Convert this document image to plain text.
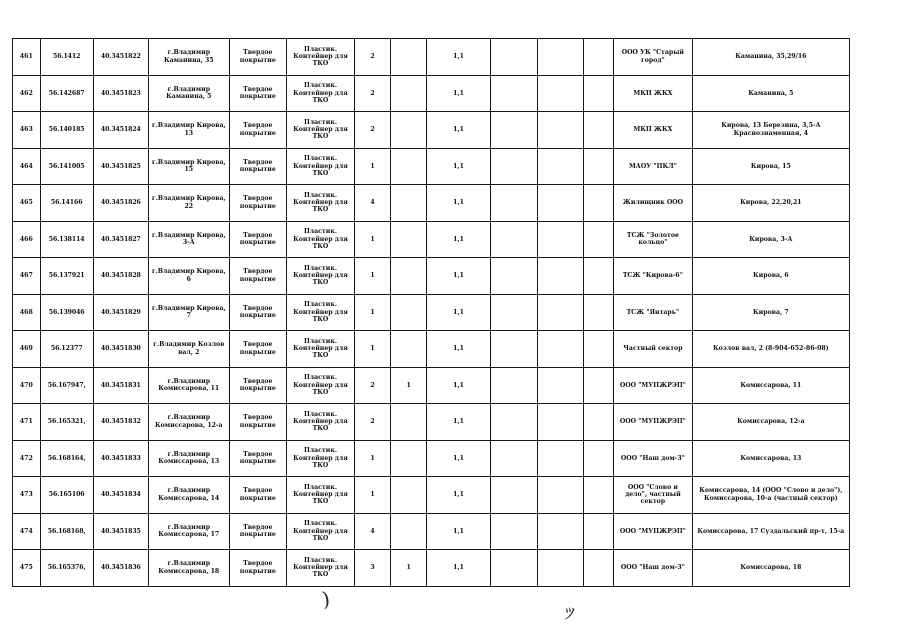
461	56.1412	40.3451822	г.Владимир Каманина, 35	Твердое покрытие	Пластик. Контейнер для ТКО	2		1,1				ООО УК "Старый город"	Каманина, 35,29/16
462	56.142687	40.3451823	г.Владимир Каманина, 5	Твердое покрытие	Пластик. Контейнер для ТКО	2		1,1				МКП ЖКХ	Каманина, 5
463	56.140185	40.3451824	г.Владимир Кирова, 13	Твердое покрытие	Пластик. Контейнер для ТКО	2		1,1				МКП ЖКХ	Кирова, 13 Березина, 3,5-А Краснознаменная, 4
464	56.141005	40.3451825	г.Владимир Кирова, 15	Твердое покрытие	Пластик. Контейнер для ТКО	1		1,1				МАОУ "ПКЛ"	Кирова, 15
465	56.14166	40.3451826	г.Владимир Кирова, 22	Твердое покрытие	Пластик. Контейнер для ТКО	4		1,1				Жилищник ООО	Кирова, 22,20,21
466	56.138114	40.3451827	г.Владимир Кирова, 3-А	Твердое покрытие	Пластик. Контейнер для ТКО	1		1,1				ТСЖ "Золотое кольцо"	Кирова, 3-А
467	56.137921	40.3451828	г.Владимир Кирова, 6	Твердое покрытие	Пластик. Контейнер для ТКО	1		1,1				ТСЖ "Кирова-6"	Кирова, 6
468	56.139046	40.3451829	г.Владимир Кирова, 7	Твердое покрытие	Пластик. Контейнер для ТКО	1		1,1				ТСЖ "Янтарь"	Кирова, 7
469	56.12377	40.3451830	г.Владимир Козлов вал, 2	Твердое покрытие	Пластик. Контейнер для ТКО	1		1,1				Частный сектор	Козлов вал, 2 (8-904-652-86-08)
470	56.167947,	40.3451831	г.Владимир Комиссарова, 11	Твердое покрытие	Пластик. Контейнер для ТКО	2	1	1,1				ООО "МУПЖРЭП"	Комиссарова, 11
471	56.165321,	40.3451832	г.Владимир Комиссарова, 12-а	Твердое покрытие	Пластик. Контейнер для ТКО	2		1,1				ООО "МУПЖРЭП"	Комиссарова, 12-а
472	56.168164,	40.3451833	г.Владимир Комиссарова, 13	Твердое покрытие	Пластик. Контейнер для ТКО	1		1,1				ООО "Наш дом-3"	Комиссарова, 13
473	56.165106	40.3451834	г.Владимир Комиссарова, 14	Твердое покрытие	Пластик. Контейнер для ТКО	1		1,1				ООО "Слово и дело", частный сектор	Комиссарова, 14 (ООО "Слово и дело"), Комиссарова, 10-а (частный сектор)
474	56.168168,	40.3451835	г.Владимир Комиссарова, 17	Твердое покрытие	Пластик. Контейнер для ТКО	4		1,1				ООО "МУПЖРЭП"	Комиссарова, 17 Суздальский пр-т, 15-а
475	56.165376,	40.3451836	г.Владимир Комиссарова, 18	Твердое покрытие	Пластик. Контейнер для ТКО	3	1	1,1				ООО "Наш дом-3"	Комиссарова, 18
)
ﾂ
